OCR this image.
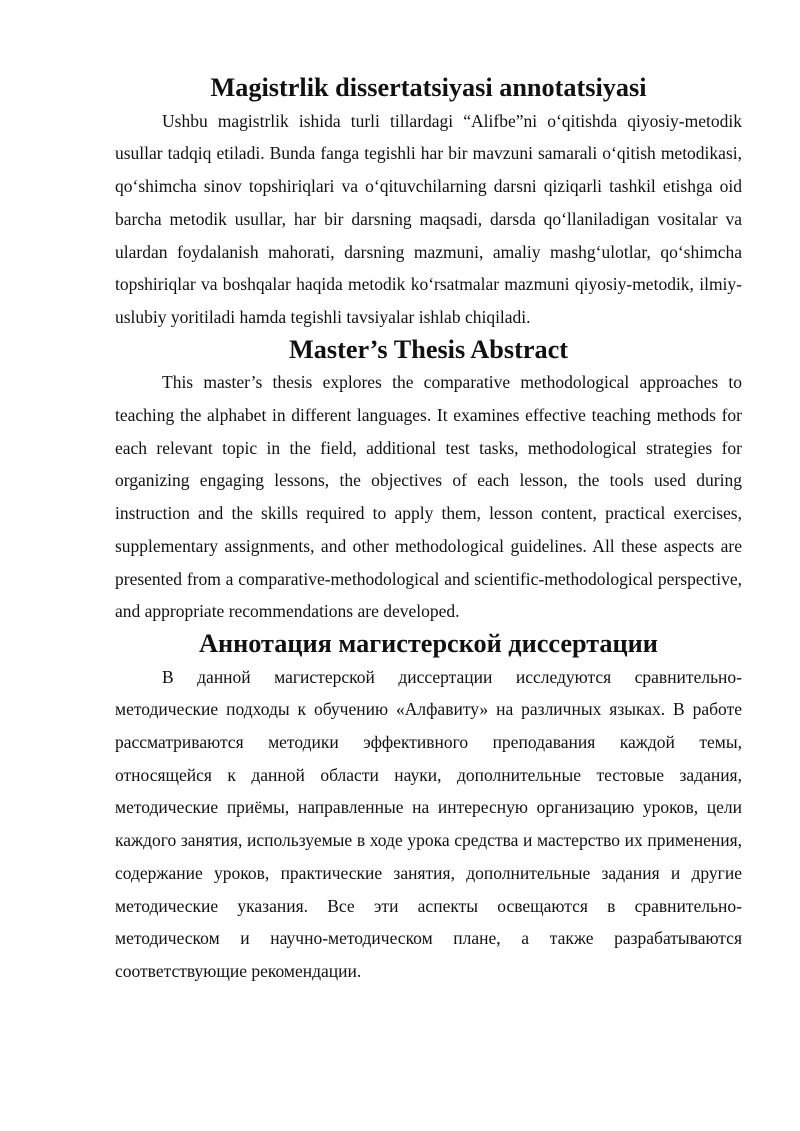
Magistrlik dissertatsiyasi annotatsiyasi

Ushbu magistrlik ishida turli tillardagi “Alifbe”ni o‘qitishda qiyosiy-metodik usullar tadqiq etiladi. Bunda fanga tegishli har bir mavzuni samarali o‘qitish metodikasi, qo‘shimcha sinov topshiriqlari va o‘qituvchilarning darsni qiziqarli tashkil etishga oid barcha metodik usullar, har bir darsning maqsadi, darsda qo‘llaniladigan vositalar va ulardan foydalanish mahorati, darsning mazmuni, amaliy mashg‘ulotlar, qo‘shimcha topshiriqlar va boshqalar haqida metodik ko‘rsatmalar mazmuni qiyosiy-metodik, ilmiy-uslubiy yoritiladi hamda tegishli tavsiyalar ishlab chiqiladi.

Master’s Thesis Abstract

This master’s thesis explores the comparative methodological approaches to teaching the alphabet in different languages. It examines effective teaching methods for each relevant topic in the field, additional test tasks, methodological strategies for organizing engaging lessons, the objectives of each lesson, the tools used during instruction and the skills required to apply them, lesson content, practical exercises, supplementary assignments, and other methodological guidelines. All these aspects are presented from a comparative-methodological and scientific-methodological perspective, and appropriate recommendations are developed.

Аннотация магистерской диссертации

В данной магистерской диссертации исследуются сравнительно-методические подходы к обучению «Алфавиту» на различных языках. В работе рассматриваются методики эффективного преподавания каждой темы, относящейся к данной области науки, дополнительные тестовые задания, методические приёмы, направленные на интересную организацию уроков, цели каждого занятия, используемые в ходе урока средства и мастерство их применения, содержание уроков, практические занятия, дополнительные задания и другие методические указания. Все эти аспекты освещаются в сравнительно-методическом и научно-методическом плане, а также разрабатываются соответствующие рекомендации.
